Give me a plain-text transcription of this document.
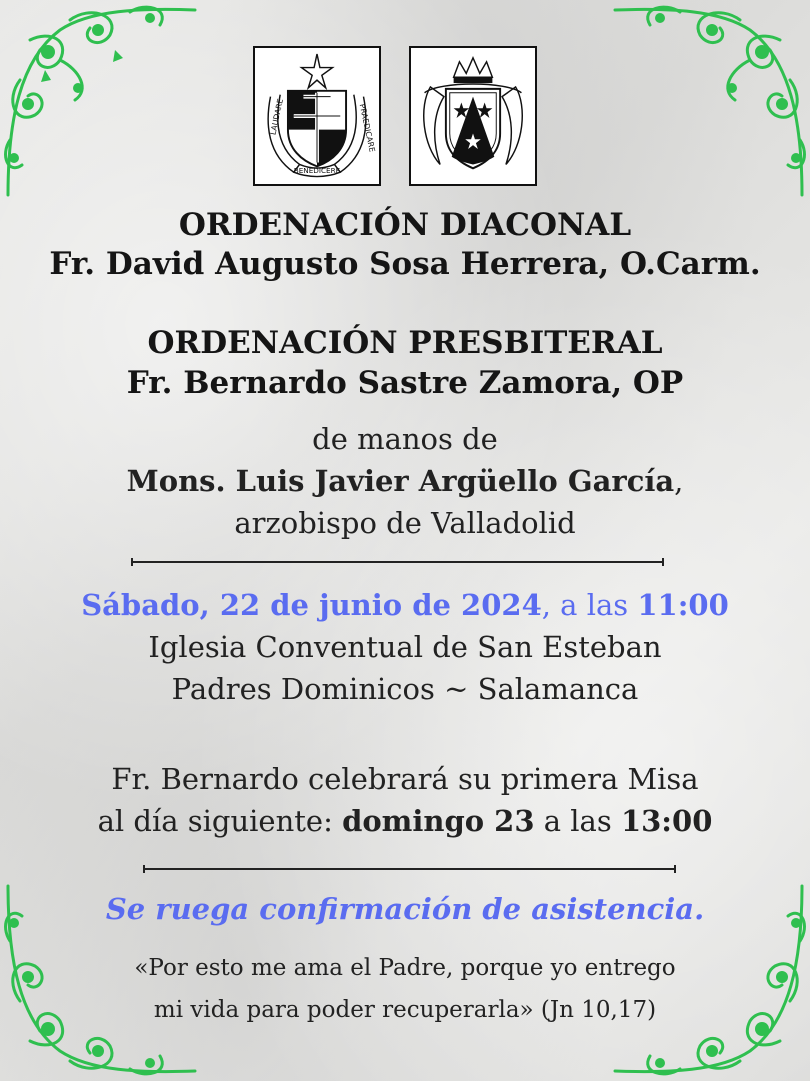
LAUDARE
BENEDICERE
PRAEDICARE
ORDENACIÓN DIACONAL
Fr. David Augusto Sosa Herrera, O.Carm.
ORDENACIÓN PRESBITERAL
Fr. Bernardo Sastre Zamora, OP
de manos de
Mons. Luis Javier Argüello García,
arzobispo de Valladolid
Sábado, 22 de junio de 2024, a las 11:00
Iglesia Conventual de San Esteban
Padres Dominicos ~ Salamanca
Fr. Bernardo celebrará su primera Misa
al día siguiente: domingo 23 a las 13:00
Se ruega confirmación de asistencia.
«Por esto me ama el Padre, porque yo entrego
mi vida para poder recuperarla» (Jn 10,17)
